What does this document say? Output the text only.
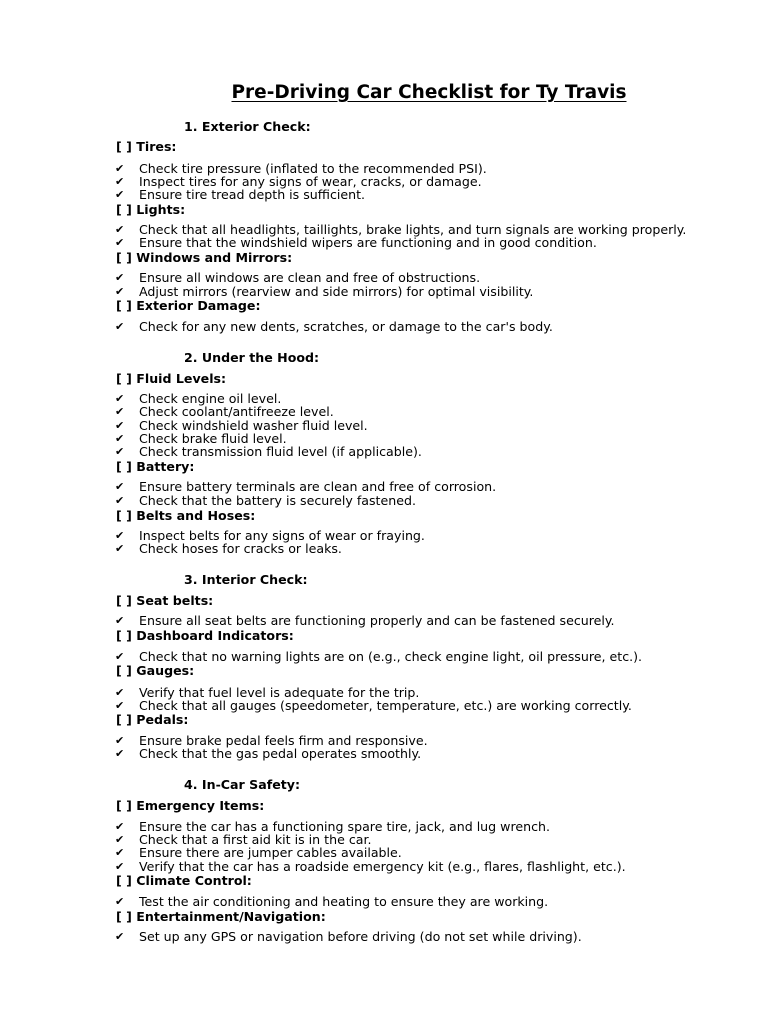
Pre-Driving Car Checklist for Ty Travis
1. Exterior Check:
[ ] Tires:
✔	Check tire pressure (inflated to the recommended PSI).
✔	Inspect tires for any signs of wear, cracks, or damage.
✔	Ensure tire tread depth is sufficient.
[ ] Lights:
✔	Check that all headlights, taillights, brake lights, and turn signals are working properly.
✔	Ensure that the windshield wipers are functioning and in good condition.
[ ] Windows and Mirrors:
✔	Ensure all windows are clean and free of obstructions.
✔	Adjust mirrors (rearview and side mirrors) for optimal visibility.
[ ] Exterior Damage:
✔	Check for any new dents, scratches, or damage to the car's body.
2. Under the Hood:
[ ] Fluid Levels:
✔	Check engine oil level.
✔	Check coolant/antifreeze level.
✔	Check windshield washer fluid level.
✔	Check brake fluid level.
✔	Check transmission fluid level (if applicable).
[ ] Battery:
✔	Ensure battery terminals are clean and free of corrosion.
✔	Check that the battery is securely fastened.
[ ] Belts and Hoses:
✔	Inspect belts for any signs of wear or fraying.
✔	Check hoses for cracks or leaks.
3. Interior Check:
[ ] Seat belts:
✔	Ensure all seat belts are functioning properly and can be fastened securely.
[ ] Dashboard Indicators:
✔	Check that no warning lights are on (e.g., check engine light, oil pressure, etc.).
[ ] Gauges:
✔	Verify that fuel level is adequate for the trip.
✔	Check that all gauges (speedometer, temperature, etc.) are working correctly.
[ ] Pedals:
✔	Ensure brake pedal feels firm and responsive.
✔	Check that the gas pedal operates smoothly.
4. In-Car Safety:
[ ] Emergency Items:
✔	Ensure the car has a functioning spare tire, jack, and lug wrench.
✔	Check that a first aid kit is in the car.
✔	Ensure there are jumper cables available.
✔	Verify that the car has a roadside emergency kit (e.g., flares, flashlight, etc.).
[ ] Climate Control:
✔	Test the air conditioning and heating to ensure they are working.
[ ] Entertainment/Navigation:
✔	Set up any GPS or navigation before driving (do not set while driving).
